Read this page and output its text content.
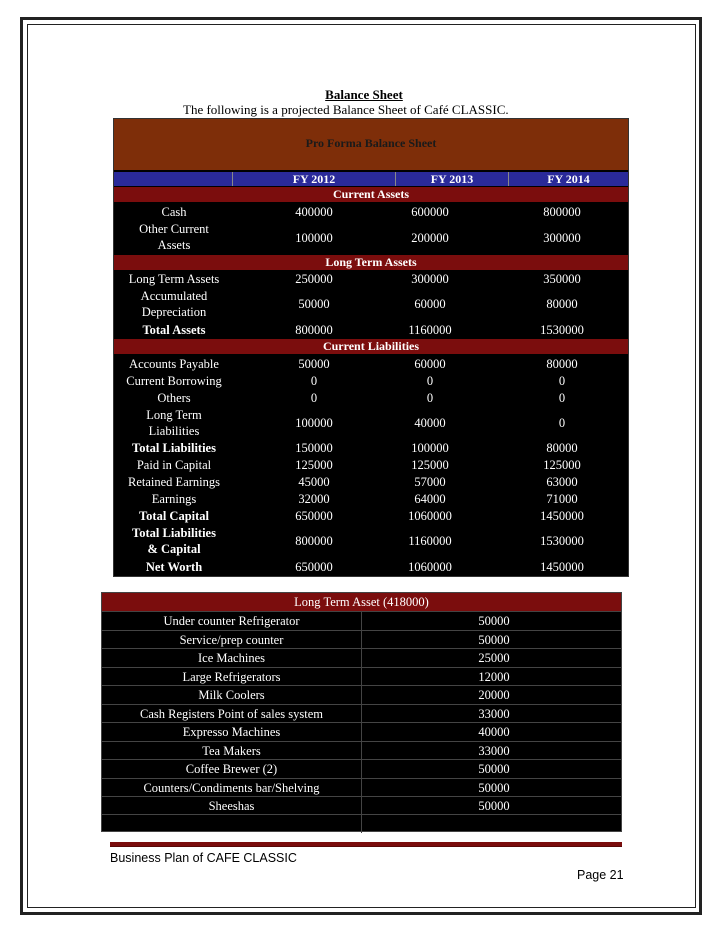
Balance Sheet
The following is a projected Balance Sheet of Café CLASSIC.
Pro Forma Balance Sheet
FY 2012	FY 2013	FY 2014
Current Assets
Cash	400000	600000	800000
Other Current
Assets	100000	200000	300000
Long Term Assets
Long Term Assets	250000	300000	350000
Accumulated
Depreciation
50000	60000	80000
Total Assets	800000	1160000	1530000
Current Liabilities
Accounts Payable	50000	60000	80000
Current Borrowing	0	0	0
Others	0	0	0
Long Term
Liabilities
100000	40000	0
Total Liabilities	150000	100000	80000
Paid in Capital	125000	125000	125000
Retained Earnings	45000	57000	63000
Earnings	32000	64000	71000
Total Capital	650000	1060000	1450000
Total Liabilities
& Capital
800000	1160000	1530000
Net Worth	650000	1060000	1450000
Long Term Asset (418000)
Under counter Refrigerator	50000
Service/prep counter	50000
Ice Machines	25000
Large Refrigerators	12000
Milk Coolers	20000
Cash Registers Point of sales system	33000
Expresso Machines	40000
Tea Makers	33000
Coffee Brewer (2)	50000
Counters/Condiments bar/Shelving	50000
Sheeshas	50000
Business Plan of CAFE CLASSIC
Page 21
